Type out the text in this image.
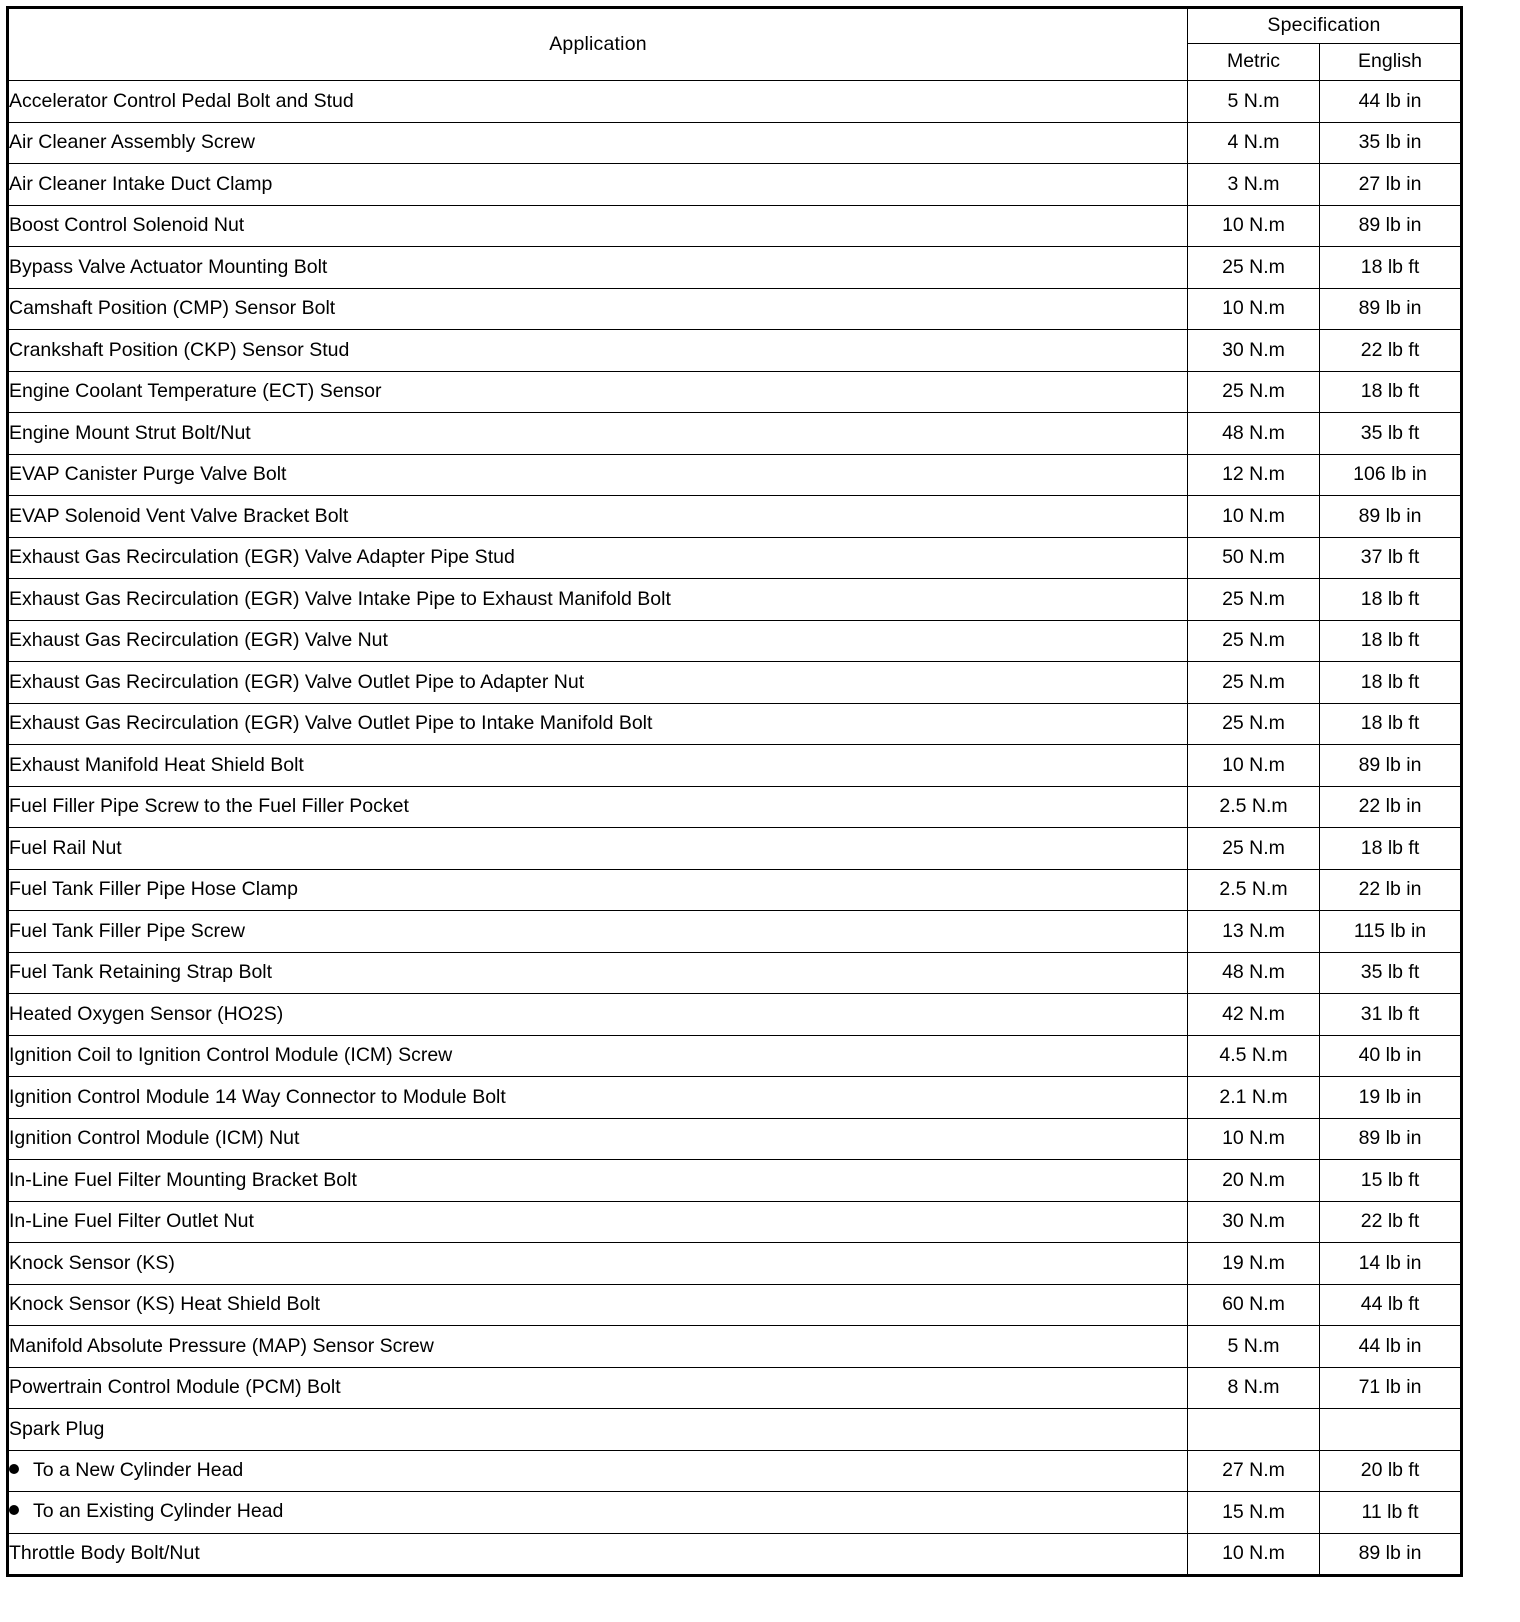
Application	Specification	
	Metric	English
Accelerator Control Pedal Bolt and Stud	5 N.m	44 lb in
Air Cleaner Assembly Screw	4 N.m	35 lb in
Air Cleaner Intake Duct Clamp	3 N.m	27 lb in
Boost Control Solenoid Nut	10 N.m	89 lb in
Bypass Valve Actuator Mounting Bolt	25 N.m	18 lb ft
Camshaft Position (CMP) Sensor Bolt	10 N.m	89 lb in
Crankshaft Position (CKP) Sensor Stud	30 N.m	22 lb ft
Engine Coolant Temperature (ECT) Sensor	25 N.m	18 lb ft
Engine Mount Strut Bolt/Nut	48 N.m	35 lb ft
EVAP Canister Purge Valve Bolt	12 N.m	106 lb in
EVAP Solenoid Vent Valve Bracket Bolt	10 N.m	89 lb in
Exhaust Gas Recirculation (EGR) Valve Adapter Pipe Stud	50 N.m	37 lb ft
Exhaust Gas Recirculation (EGR) Valve Intake Pipe to Exhaust Manifold Bolt	25 N.m	18 lb ft
Exhaust Gas Recirculation (EGR) Valve Nut	25 N.m	18 lb ft
Exhaust Gas Recirculation (EGR) Valve Outlet Pipe to Adapter Nut	25 N.m	18 lb ft
Exhaust Gas Recirculation (EGR) Valve Outlet Pipe to Intake Manifold Bolt	25 N.m	18 lb ft
Exhaust Manifold Heat Shield Bolt	10 N.m	89 lb in
Fuel Filler Pipe Screw to the Fuel Filler Pocket	2.5 N.m	22 lb in
Fuel Rail Nut	25 N.m	18 lb ft
Fuel Tank Filler Pipe Hose Clamp	2.5 N.m	22 lb in
Fuel Tank Filler Pipe Screw	13 N.m	115 lb in
Fuel Tank Retaining Strap Bolt	48 N.m	35 lb ft
Heated Oxygen Sensor (HO2S)	42 N.m	31 lb ft
Ignition Coil to Ignition Control Module (ICM) Screw	4.5 N.m	40 lb in
Ignition Control Module 14 Way Connector to Module Bolt	2.1 N.m	19 lb in
Ignition Control Module (ICM) Nut	10 N.m	89 lb in
In-Line Fuel Filter Mounting Bracket Bolt	20 N.m	15 lb ft
In-Line Fuel Filter Outlet Nut	30 N.m	22 lb ft
Knock Sensor (KS)	19 N.m	14 lb in
Knock Sensor (KS) Heat Shield Bolt	60 N.m	44 lb ft
Manifold Absolute Pressure (MAP) Sensor Screw	5 N.m	44 lb in
Powertrain Control Module (PCM) Bolt	8 N.m	71 lb in
Spark Plug		
To a New Cylinder Head	27 N.m	20 lb ft
To an Existing Cylinder Head	15 N.m	11 lb ft
Throttle Body Bolt/Nut	10 N.m	89 lb in
